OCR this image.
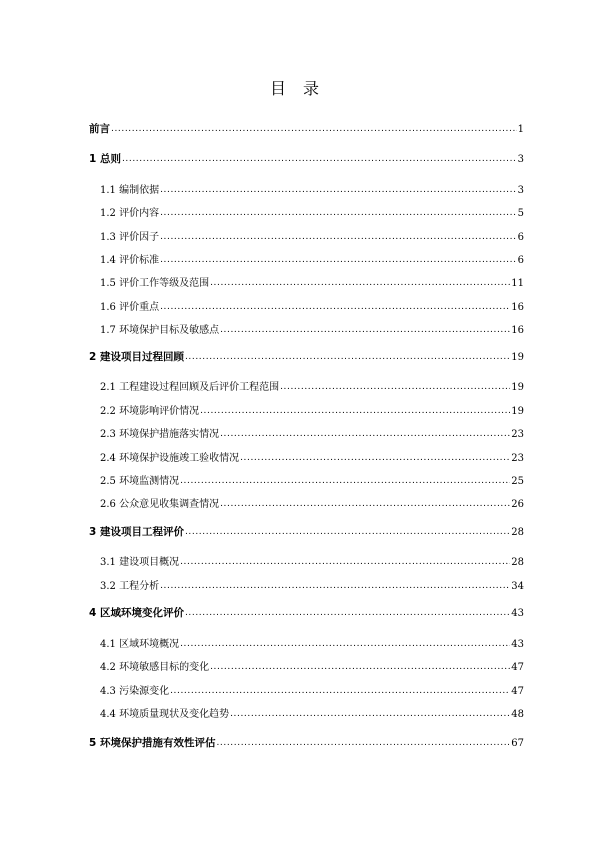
目 录
前言 .....	1
1 总则 .....	3
1.1 编制依据 .....	3
1.2 评价内容 .....	5
1.3 评价因子 .....	6
1.4 评价标准 .....	6
1.5 评价工作等级及范围 .....	11
1.6 评价重点 .....	16
1.7 环境保护目标及敏感点 .....	16
2 建设项目过程回顾 .....	19
2.1 工程建设过程回顾及后评价工程范围 .....	19
2.2 环境影响评价情况 .....	19
2.3 环境保护措施落实情况 .....	23
2.4 环境保护设施竣工验收情况 .....	23
2.5 环境监测情况 .....	25
2.6 公众意见收集调查情况 .....	26
3 建设项目工程评价 .....	28
3.1 建设项目概况 .....	28
3.2 工程分析 .....	34
4 区域环境变化评价 .....	43
4.1 区域环境概况 .....	43
4.2 环境敏感目标的变化 .....	47
4.3 污染源变化 .....	47
4.4 环境质量现状及变化趋势 .....	48
5 环境保护措施有效性评估 .....	67
